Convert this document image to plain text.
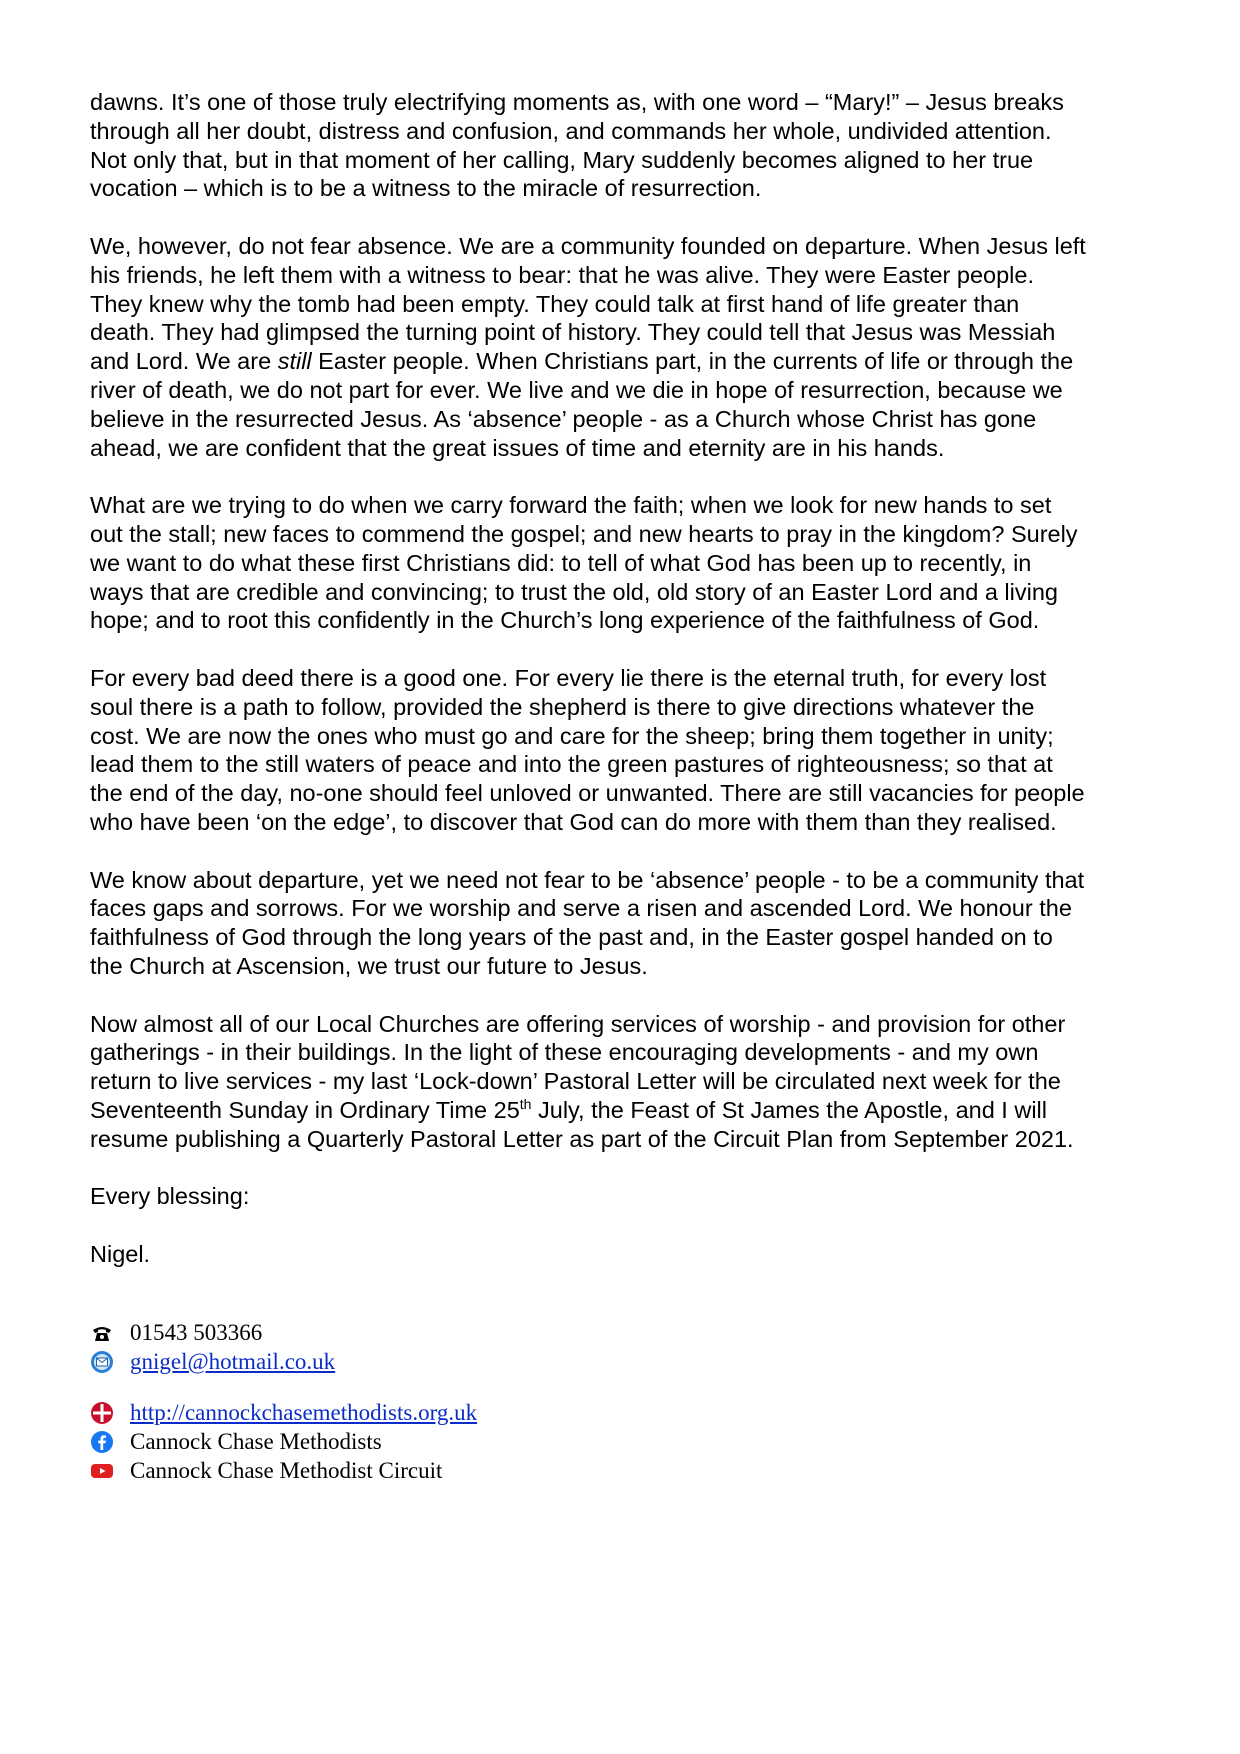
dawns. It’s one of those truly electrifying moments as, with one word – “Mary!” – Jesus breaks
through all her doubt, distress and confusion, and commands her whole, undivided attention.
Not only that, but in that moment of her calling, Mary suddenly becomes aligned to her true
vocation – which is to be a witness to the miracle of resurrection.

We, however, do not fear absence. We are a community founded on departure. When Jesus left
his friends, he left them with a witness to bear: that he was alive. They were Easter people.
They knew why the tomb had been empty. They could talk at first hand of life greater than
death. They had glimpsed the turning point of history. They could tell that Jesus was Messiah
and Lord. We are still Easter people. When Christians part, in the currents of life or through the
river of death, we do not part for ever. We live and we die in hope of resurrection, because we
believe in the resurrected Jesus. As ‘absence’ people - as a Church whose Christ has gone
ahead, we are confident that the great issues of time and eternity are in his hands.

What are we trying to do when we carry forward the faith; when we look for new hands to set
out the stall; new faces to commend the gospel; and new hearts to pray in the kingdom? Surely
we want to do what these first Christians did: to tell of what God has been up to recently, in
ways that are credible and convincing; to trust the old, old story of an Easter Lord and a living
hope; and to root this confidently in the Church’s long experience of the faithfulness of God.

For every bad deed there is a good one. For every lie there is the eternal truth, for every lost
soul there is a path to follow, provided the shepherd is there to give directions whatever the
cost. We are now the ones who must go and care for the sheep; bring them together in unity;
lead them to the still waters of peace and into the green pastures of righteousness; so that at
the end of the day, no-one should feel unloved or unwanted. There are still vacancies for people
who have been ‘on the edge’, to discover that God can do more with them than they realised.

We know about departure, yet we need not fear to be ‘absence’ people - to be a community that
faces gaps and sorrows. For we worship and serve a risen and ascended Lord. We honour the
faithfulness of God through the long years of the past and, in the Easter gospel handed on to
the Church at Ascension, we trust our future to Jesus.

Now almost all of our Local Churches are offering services of worship - and provision for other
gatherings - in their buildings. In the light of these encouraging developments - and my own
return to live services - my last ‘Lock-down’ Pastoral Letter will be circulated next week for the
Seventeenth Sunday in Ordinary Time 25th July, the Feast of St James the Apostle, and I will
resume publishing a Quarterly Pastoral Letter as part of the Circuit Plan from September 2021.

Every blessing:

Nigel.

01543 503366
gnigel@hotmail.co.uk
http://cannockchasemethodists.org.uk
Cannock Chase Methodists
Cannock Chase Methodist Circuit
